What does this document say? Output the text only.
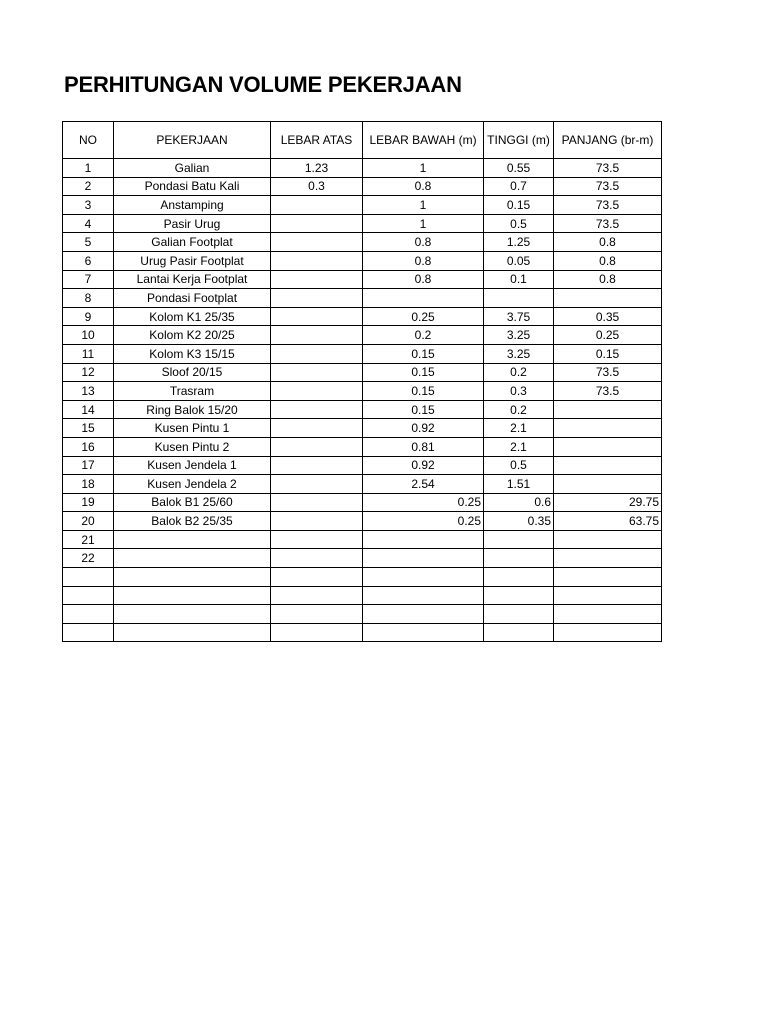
PERHITUNGAN VOLUME PEKERJAAN
NO	PEKERJAAN	LEBAR ATAS	LEBAR BAWAH (m)	TINGGI (m)	PANJANG (br-m)
1	Galian	1.23	1	0.55	73.5
2	Pondasi Batu Kali	0.3	0.8	0.7	73.5
3	Anstamping		1	0.15	73.5
4	Pasir Urug		1	0.5	73.5
5	Galian Footplat		0.8	1.25	0.8
6	Urug Pasir Footplat		0.8	0.05	0.8
7	Lantai Kerja Footplat		0.8	0.1	0.8
8	Pondasi Footplat				
9	Kolom K1 25/35		0.25	3.75	0.35
10	Kolom K2 20/25		0.2	3.25	0.25
11	Kolom K3 15/15		0.15	3.25	0.15
12	Sloof 20/15		0.15	0.2	73.5
13	Trasram		0.15	0.3	73.5
14	Ring Balok 15/20		0.15	0.2	
15	Kusen Pintu 1		0.92	2.1	
16	Kusen Pintu 2		0.81	2.1	
17	Kusen Jendela 1		0.92	0.5	
18	Kusen Jendela 2		2.54	1.51	
19	Balok B1 25/60		0.25	0.6	29.75
20	Balok B2 25/35		0.25	0.35	63.75
21					
22					
